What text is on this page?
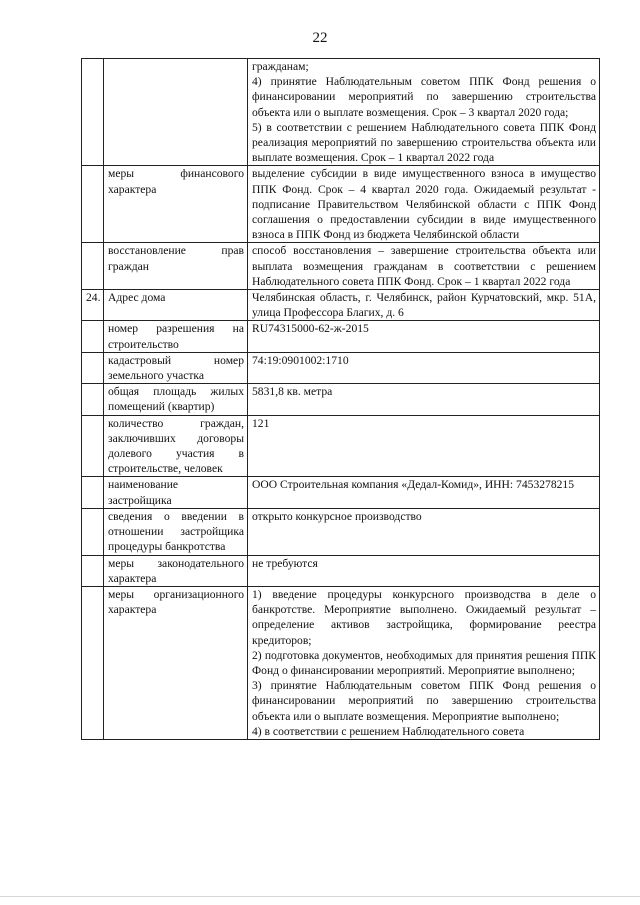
22

		гражданам;
4) принятие Наблюдательным советом ППК Фонд решения о финансировании мероприятий по завершению строительства объекта или о выплате возмещения. Срок – 3 квартал 2020 года;
5) в соответствии с решением Наблюдательного совета ППК Фонд реализация мероприятий по завершению строительства объекта или выплате возмещения. Срок – 1 квартал 2022 года

	меры финансового характера	выделение субсидии в виде имущественного взноса в имущество ППК Фонд. Срок – 4 квартал 2020 года. Ожидаемый результат - подписание Правительством Челябинской области с ППК Фонд соглашения о предоставлении субсидии в виде имущественного взноса в ППК Фонд из бюджета Челябинской области

	восстановление прав граждан	способ восстановления – завершение строительства объекта или выплата возмещения гражданам в соответствии с решением Наблюдательного совета ППК Фонд. Срок – 1 квартал 2022 года

24.	Адрес дома	Челябинская область, г. Челябинск, район Курчатовский, мкр. 51А, улица Профессора Благих, д. 6

	номер разрешения на строительство	RU74315000-62-ж-2015

	кадастровый номер земельного участка	74:19:0901002:1710

	общая площадь жилых помещений (квартир)	5831,8 кв. метра

	количество граждан, заключивших договоры долевого участия в строительстве, человек	121

	наименование застройщика	ООО Строительная компания «Дедал-Комид», ИНН: 7453278215

	сведения о введении в отношении застройщика процедуры банкротства	открыто конкурсное производство

	меры законодательного характера	не требуются

	меры организационного характера	1) введение процедуры конкурсного производства в деле о банкротстве. Мероприятие выполнено. Ожидаемый результат – определение активов застройщика, формирование реестра кредиторов;
2) подготовка документов, необходимых для принятия решения ППК Фонд о финансировании мероприятий. Мероприятие выполнено;
3) принятие Наблюдательным советом ППК Фонд решения о финансировании мероприятий по завершению строительства объекта или о выплате возмещения. Мероприятие выполнено;
4) в соответствии с решением Наблюдательного совета
